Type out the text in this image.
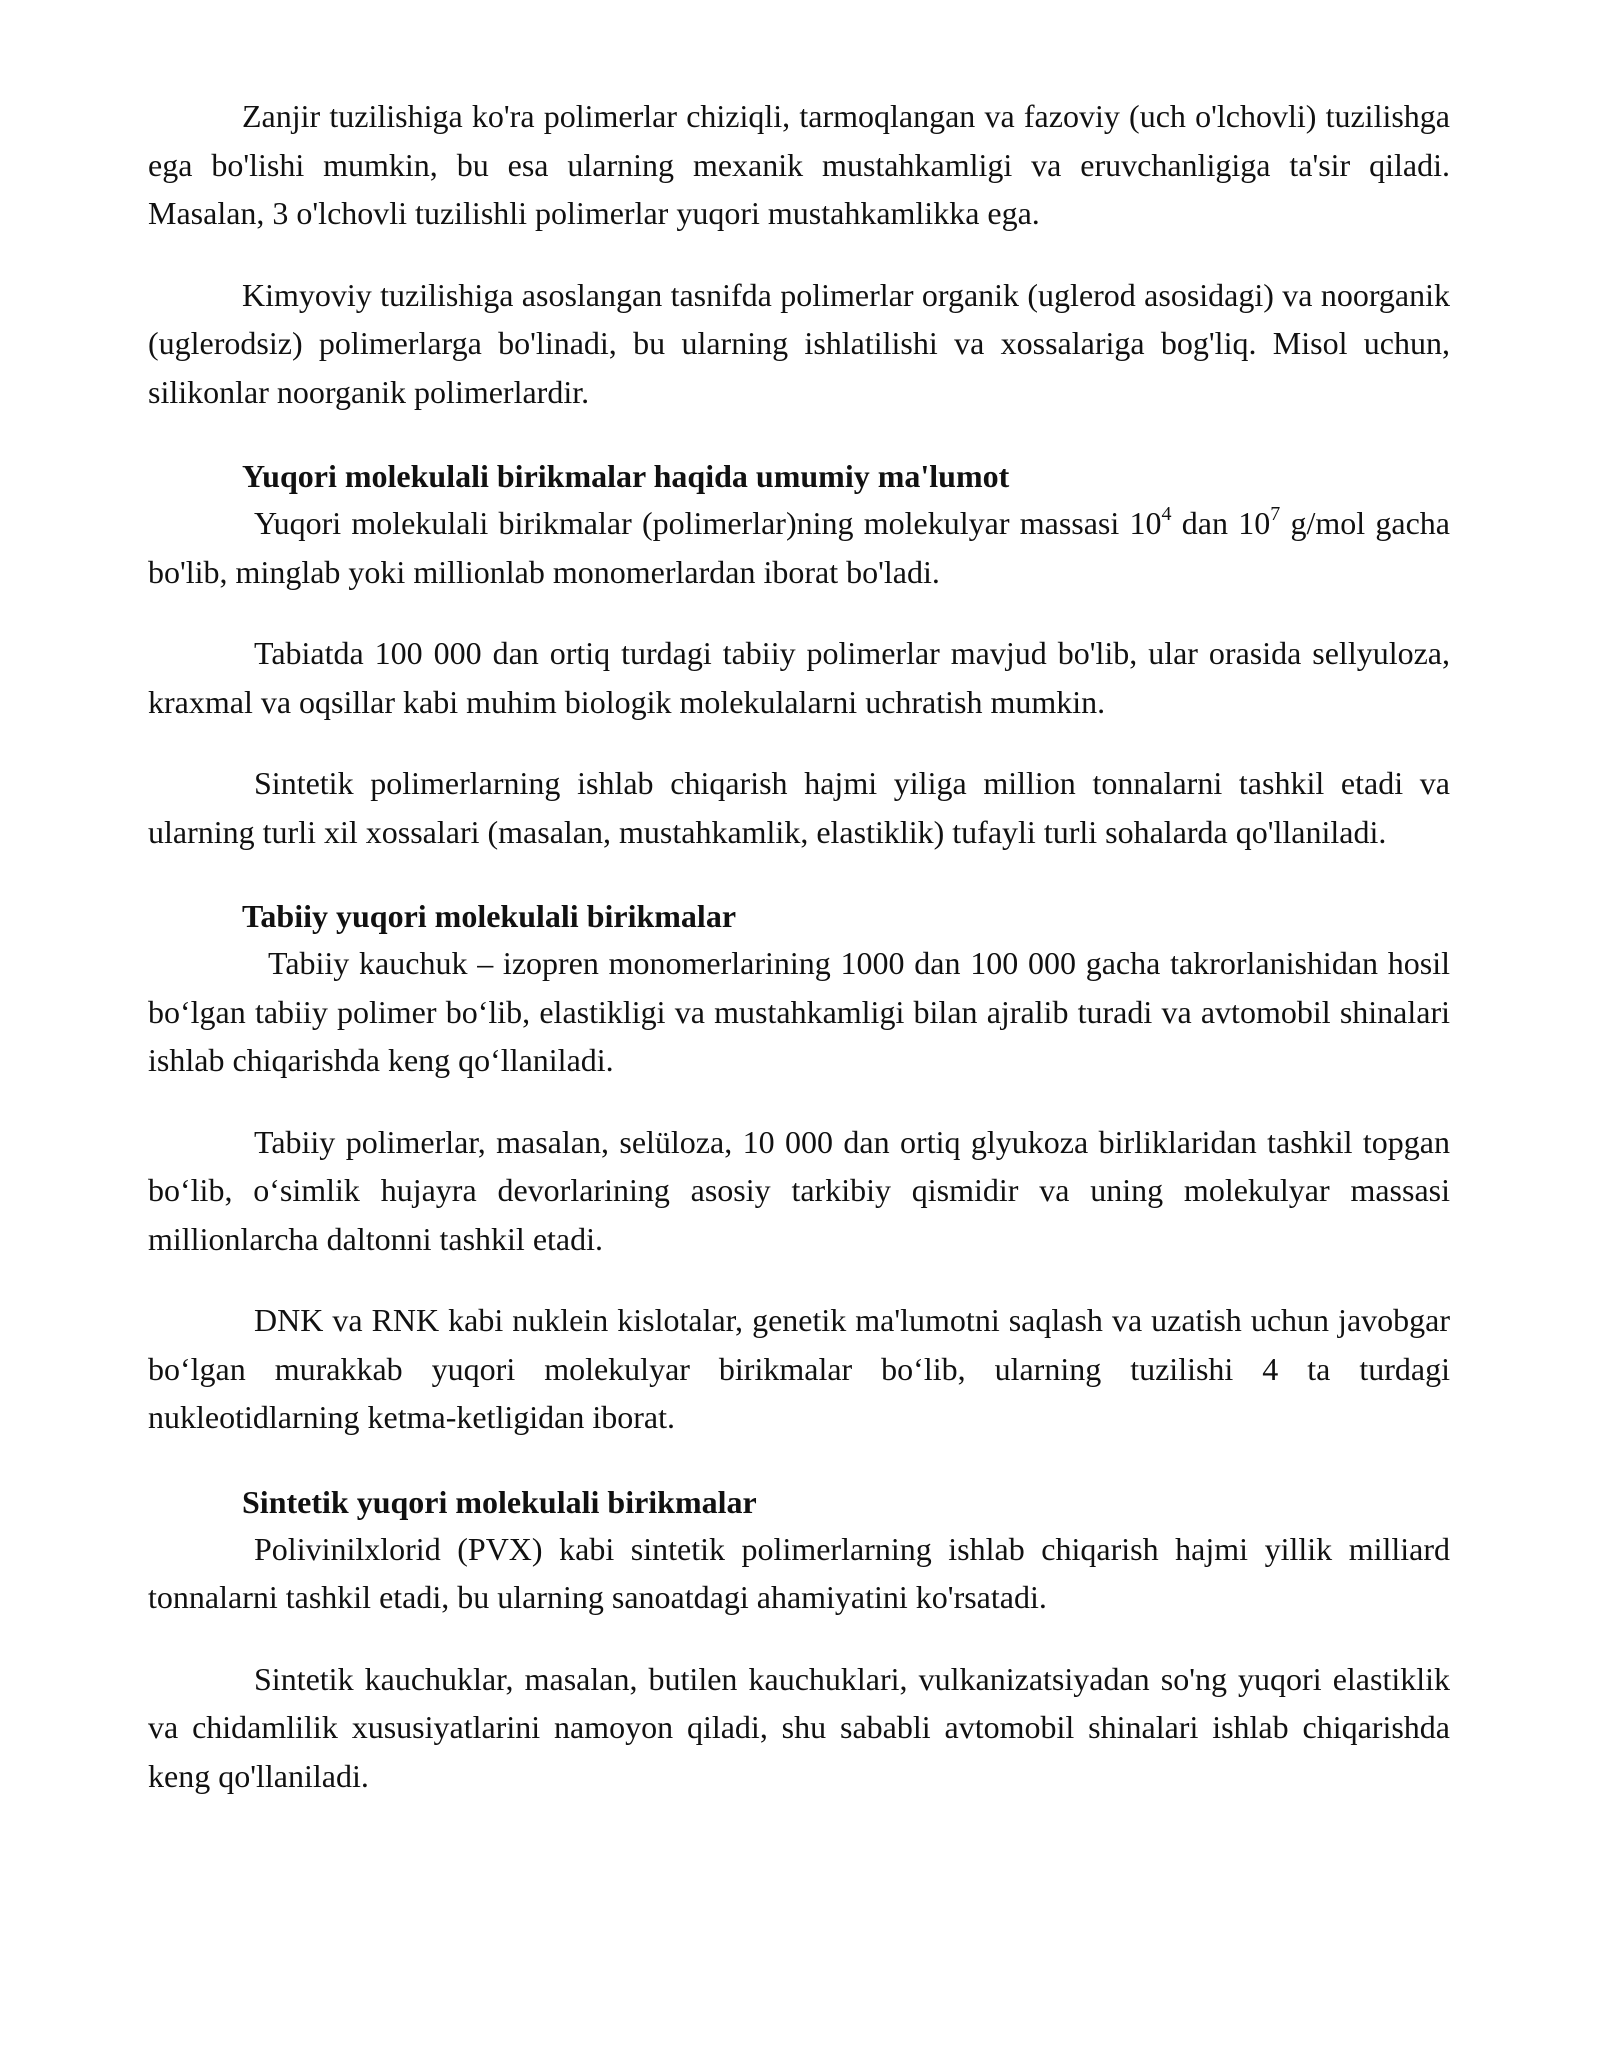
Zanjir tuzilishiga ko'ra polimerlar chiziqli, tarmoqlangan va fazoviy (uch o'lchovli) tuzilishga ega bo'lishi mumkin, bu esa ularning mexanik mustahkamligi va eruvchanligiga ta'sir qiladi. Masalan, 3 o'lchovli tuzilishli polimerlar yuqori mustahkamlikka ega.

Kimyoviy tuzilishiga asoslangan tasnifda polimerlar organik (uglerod asosidagi) va noorganik (uglerodsiz) polimerlarga bo'linadi, bu ularning ishlatilishi va xossalariga bog'liq. Misol uchun, silikonlar noorganik polimerlardir.

Yuqori molekulali birikmalar haqida umumiy ma'lumot

Yuqori molekulali birikmalar (polimerlar)ning molekulyar massasi $10^4$ dan $10^7$ g/mol gacha bo'lib, minglab yoki millionlab monomerlardan iborat bo'ladi.

Tabiatda 100 000 dan ortiq turdagi tabiiy polimerlar mavjud bo'lib, ular orasida sellyuloza, kraxmal va oqsillar kabi muhim biologik molekulalarni uchratish mumkin.

Sintetik polimerlarning ishlab chiqarish hajmi yiliga million tonnalarni tashkil etadi va ularning turli xil xossalari (masalan, mustahkamlik, elastiklik) tufayli turli sohalarda qo'llaniladi.

Tabiiy yuqori molekulali birikmalar

Tabiiy kauchuk – izopren monomerlarining 1000 dan 100 000 gacha takrorlanishidan hosil bo‘lgan tabiiy polimer bo‘lib, elastikligi va mustahkamligi bilan ajralib turadi va avtomobil shinalari ishlab chiqarishda keng qo‘llaniladi.

Tabiiy polimerlar, masalan, selüloza, 10 000 dan ortiq glyukoza birliklaridan tashkil topgan bo‘lib, o‘simlik hujayra devorlarining asosiy tarkibiy qismidir va uning molekulyar massasi millionlarcha daltonni tashkil etadi.

DNK va RNK kabi nuklein kislotalar, genetik ma'lumotni saqlash va uzatish uchun javobgar bo‘lgan murakkab yuqori molekulyar birikmalar bo‘lib, ularning tuzilishi 4 ta turdagi nukleotidlarning ketma-ketligidan iborat.

Sintetik yuqori molekulali birikmalar

Polivinilxlorid (PVX) kabi sintetik polimerlarning ishlab chiqarish hajmi yillik milliard tonnalarni tashkil etadi, bu ularning sanoatdagi ahamiyatini ko'rsatadi.

Sintetik kauchuklar, masalan, butilen kauchuklari, vulkanizatsiyadan so'ng yuqori elastiklik va chidamlilik xususiyatlarini namoyon qiladi, shu sababli avtomobil shinalari ishlab chiqarishda keng qo'llaniladi.
